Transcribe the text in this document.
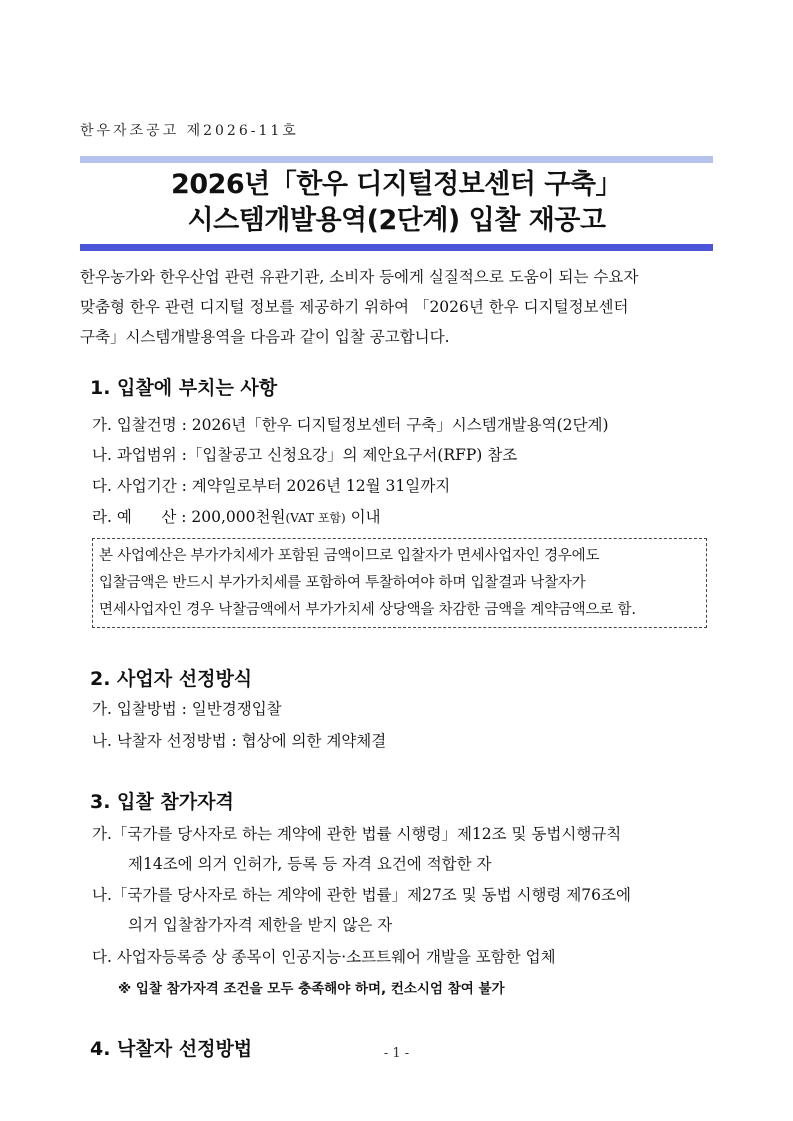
한우자조공고 제2026-11호
2026년「한우 디지털정보센터 구축」
시스템개발용역(2단계) 입찰 재공고
한우농가와 한우산업 관련 유관기관, 소비자 등에게 실질적으로 도움이 되는 수요자
맞춤형 한우 관련 디지털 정보를 제공하기 위하여 「2026년 한우 디지털정보센터
구축」시스템개발용역을 다음과 같이 입찰 공고합니다.
1. 입찰에 부치는 사항
가. 입찰건명 : 2026년「한우 디지털정보센터 구축」시스템개발용역(2단계)
나. 과업범위 :「입찰공고 신청요강」의 제안요구서(RFP) 참조
다. 사업기간 : 계약일로부터 2026년 12월 31일까지
라. 예      산 : 200,000천원(VAT 포함) 이내
본 사업예산은 부가가치세가 포함된 금액이므로 입찰자가 면세사업자인 경우에도
입찰금액은 반드시 부가가치세를 포함하여 투찰하여야 하며 입찰결과 낙찰자가
면세사업자인 경우 낙찰금액에서 부가가치세 상당액을 차감한 금액을 계약금액으로 함.
2. 사업자 선정방식
가. 입찰방법 : 일반경쟁입찰
나. 낙찰자 선정방법 : 협상에 의한 계약체결
3. 입찰 참가자격
가.「국가를 당사자로 하는 계약에 관한 법률 시행령」제12조 및 동법시행규칙
제14조에 의거 인허가, 등록 등 자격 요건에 적합한 자
나.「국가를 당사자로 하는 계약에 관한 법률」제27조 및 동법 시행령 제76조에
의거 입찰참가자격 제한을 받지 않은 자
다. 사업자등록증 상 종목이 인공지능·소프트웨어 개발을 포함한 업체
※ 입찰 참가자격 조건을 모두 충족해야 하며, 컨소시엄 참여 불가
4. 낙찰자 선정방법	- 1 -
